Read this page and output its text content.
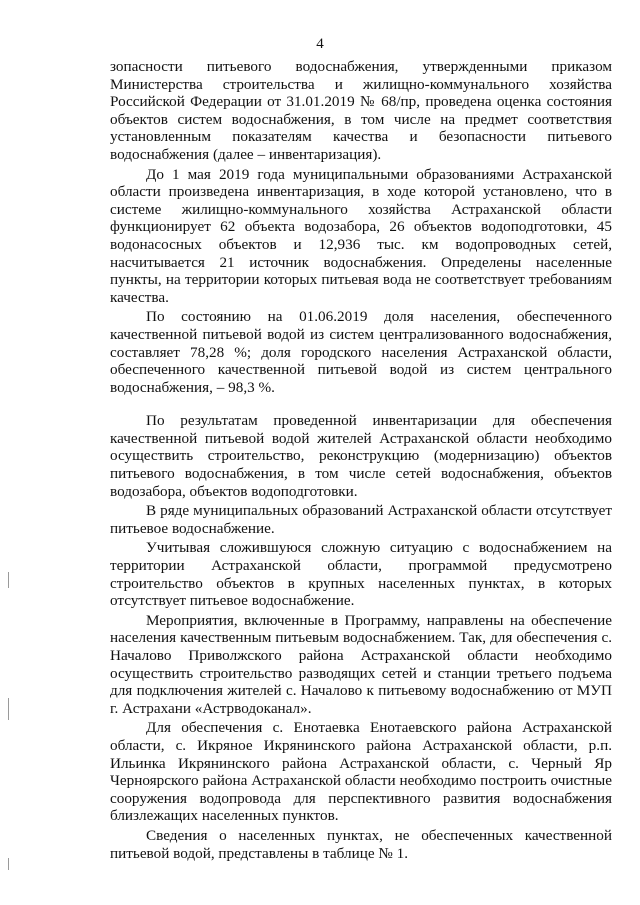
4

зопасности питьевого водоснабжения, утвержденными приказом Министерства строительства и жилищно-коммунального хозяйства Российской Федерации от 31.01.2019 № 68/пр, проведена оценка состояния объектов систем водоснабжения, в том числе на предмет соответствия установленным показателям качества и безопасности питьевого водоснабжения (далее – инвентаризация).

До 1 мая 2019 года муниципальными образованиями Астраханской области произведена инвентаризация, в ходе которой установлено, что в системе жилищно-коммунального хозяйства Астраханской области функционирует 62 объекта водозабора, 26 объектов водоподготовки, 45 водонасосных объектов и 12,936 тыс. км водопроводных сетей, насчитывается 21 источник водоснабжения. Определены населенные пункты, на территории которых питьевая вода не соответствует требованиям качества.

По состоянию на 01.06.2019 доля населения, обеспеченного качественной питьевой водой из систем централизованного водоснабжения, составляет 78,28 %; доля городского населения Астраханской области, обеспеченного качественной питьевой водой из систем центрального водоснабжения, – 98,3 %.

По результатам проведенной инвентаризации для обеспечения качественной питьевой водой жителей Астраханской области необходимо осуществить строительство, реконструкцию (модернизацию) объектов питьевого водоснабжения, в том числе сетей водоснабжения, объектов водозабора, объектов водоподготовки.

В ряде муниципальных образований Астраханской области отсутствует питьевое водоснабжение.

Учитывая сложившуюся сложную ситуацию с водоснабжением на территории Астраханской области, программой предусмотрено строительство объектов в крупных населенных пунктах, в которых отсутствует питьевое водоснабжение.

Мероприятия, включенные в Программу, направлены на обеспечение населения качественным питьевым водоснабжением. Так, для обеспечения с. Началово Приволжского района Астраханской области необходимо осуществить строительство разводящих сетей и станции третьего подъема для подключения жителей с. Началово к питьевому водоснабжению от МУП г. Астрахани «Астрводоканал».

Для обеспечения с. Енотаевка Енотаевского района Астраханской области, с. Икряное Икрянинского района Астраханской области, р.п. Ильинка Икрянинского района Астраханской области, с. Черный Яр Черноярского района Астраханской области необходимо построить очистные сооружения водопровода для перспективного развития водоснабжения близлежащих населенных пунктов.

Сведения о населенных пунктах, не обеспеченных качественной питьевой водой, представлены в таблице № 1.
